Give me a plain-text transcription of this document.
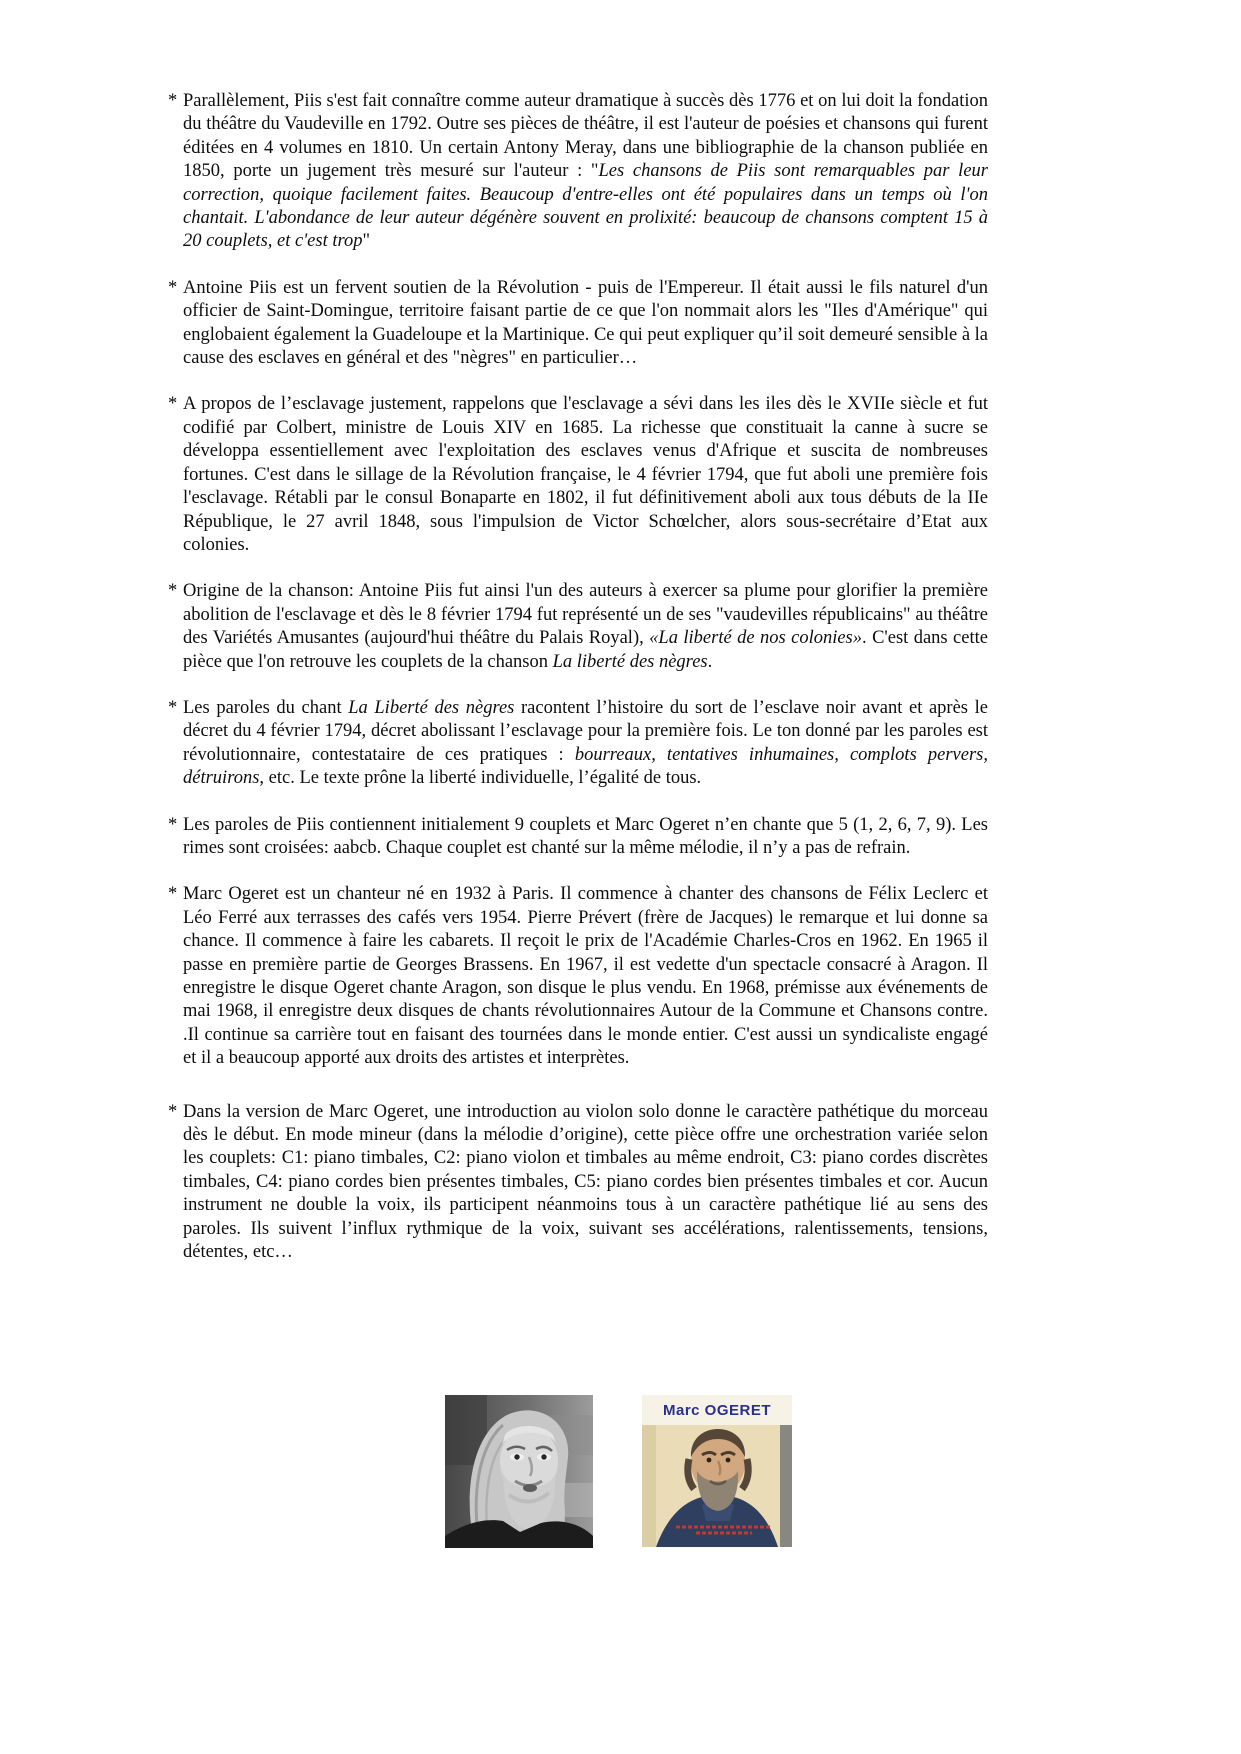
* Parallèlement, Piis s'est fait connaître comme auteur dramatique à succès dès 1776 et on lui doit la fondation du théâtre du Vaudeville en 1792. Outre ses pièces de théâtre, il est l'auteur de poésies et chansons qui furent éditées en 4 volumes en 1810. Un certain Antony Meray, dans une bibliographie de la chanson publiée en 1850, porte un jugement très mesuré sur l'auteur : "Les chansons de Piis sont remarquables par leur correction, quoique facilement faites. Beaucoup d'entre-elles ont été populaires dans un temps où l'on chantait. L'abondance de leur auteur dégénère souvent en prolixité: beaucoup de chansons comptent 15 à 20 couplets, et c'est trop"
* Antoine Piis est un fervent soutien de la Révolution - puis de l'Empereur. Il était aussi le fils naturel d'un officier de Saint-Domingue, territoire faisant partie de ce que l'on nommait alors les "Iles d'Amérique" qui englobaient également la Guadeloupe et la Martinique. Ce qui peut expliquer qu’il soit demeuré sensible à la cause des esclaves en général et des "nègres" en particulier…
* A propos de l’esclavage justement, rappelons que l'esclavage a sévi dans les iles dès le XVIIe siècle et fut codifié par Colbert, ministre de Louis XIV en 1685. La richesse que constituait la canne à sucre se développa essentiellement avec l'exploitation des esclaves venus d'Afrique et suscita de nombreuses fortunes. C'est dans le sillage de la Révolution française, le 4 février 1794, que fut aboli une première fois l'esclavage. Rétabli par le consul Bonaparte en 1802, il fut définitivement aboli aux tous débuts de la IIe République, le 27 avril 1848, sous l'impulsion de Victor Schœlcher, alors sous-secrétaire d’Etat aux colonies.
* Origine de la chanson: Antoine Piis fut ainsi l'un des auteurs à exercer sa plume pour glorifier la première abolition de l'esclavage et dès le 8 février 1794 fut représenté un de ses "vaudevilles républicains" au théâtre des Variétés Amusantes (aujourd'hui théâtre du Palais Royal), «La liberté de nos colonies». C'est dans cette pièce que l'on retrouve les couplets de la chanson La liberté des nègres.
* Les paroles du chant La Liberté des nègres racontent l’histoire du sort de l’esclave noir avant et après le décret du 4 février 1794, décret abolissant l’esclavage pour la première fois. Le ton donné par les paroles est révolutionnaire, contestataire de ces pratiques : bourreaux, tentatives inhumaines, complots pervers, détruirons, etc. Le texte prône la liberté individuelle, l’égalité de tous.
* Les paroles de Piis contiennent initialement 9 couplets et Marc Ogeret n’en chante que 5 (1, 2, 6, 7, 9). Les rimes sont croisées: aabcb. Chaque couplet est chanté sur la même mélodie, il n’y a pas de refrain.
* Marc Ogeret est un chanteur né en 1932 à Paris. Il commence à chanter des chansons de Félix Leclerc et Léo Ferré aux terrasses des cafés vers 1954. Pierre Prévert (frère de Jacques) le remarque et lui donne sa chance. Il commence à faire les cabarets. Il reçoit le prix de l'Académie Charles-Cros en 1962. En 1965 il passe en première partie de Georges Brassens. En 1967, il est vedette d'un spectacle consacré à Aragon. Il enregistre le disque Ogeret chante Aragon, son disque le plus vendu. En 1968, prémisse aux événements de mai 1968, il enregistre deux disques de chants révolutionnaires Autour de la Commune et Chansons contre. .Il continue sa carrière tout en faisant des tournées dans le monde entier. C'est aussi un syndicaliste engagé et il a beaucoup apporté aux droits des artistes et interprètes.
* Dans la version de Marc Ogeret, une introduction au violon solo donne le caractère pathétique du morceau dès le début. En mode mineur (dans la mélodie d’origine), cette pièce offre une orchestration variée selon les couplets: C1: piano timbales, C2: piano violon et timbales au même endroit, C3: piano cordes discrètes timbales, C4: piano cordes bien présentes timbales, C5: piano cordes bien présentes timbales et cor. Aucun instrument ne double la voix, ils participent néanmoins tous à un caractère pathétique lié au sens des paroles. Ils suivent l’influx rythmique de la voix, suivant ses accélérations, ralentissements, tensions, détentes, etc…
Marc OGERET
